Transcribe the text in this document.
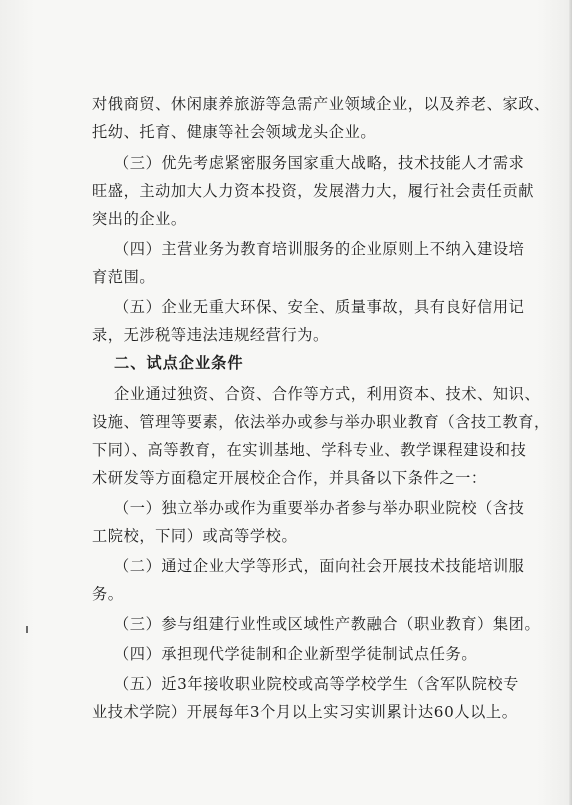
对俄商贸、休闲康养旅游等急需产业领域企业，以及养老、家政、
托幼、托育、健康等社会领域龙头企业。
（三）优先考虑紧密服务国家重大战略，技术技能人才需求
旺盛，主动加大人力资本投资，发展潜力大，履行社会责任贡献
突出的企业。
（四）主营业务为教育培训服务的企业原则上不纳入建设培
育范围。
（五）企业无重大环保、安全、质量事故，具有良好信用记
录，无涉税等违法违规经营行为。
二、试点企业条件
企业通过独资、合资、合作等方式，利用资本、技术、知识、
设施、管理等要素，依法举办或参与举办职业教育（含技工教育，
下同）、高等教育，在实训基地、学科专业、教学课程建设和技
术研发等方面稳定开展校企合作，并具备以下条件之一：
（一）独立举办或作为重要举办者参与举办职业院校（含技
工院校，下同）或高等学校。
（二）通过企业大学等形式，面向社会开展技术技能培训服
务。
（三）参与组建行业性或区域性产教融合（职业教育）集团。
（四）承担现代学徒制和企业新型学徒制试点任务。
（五）近3年接收职业院校或高等学校学生（含军队院校专
业技术学院）开展每年3个月以上实习实训累计达60人以上。
